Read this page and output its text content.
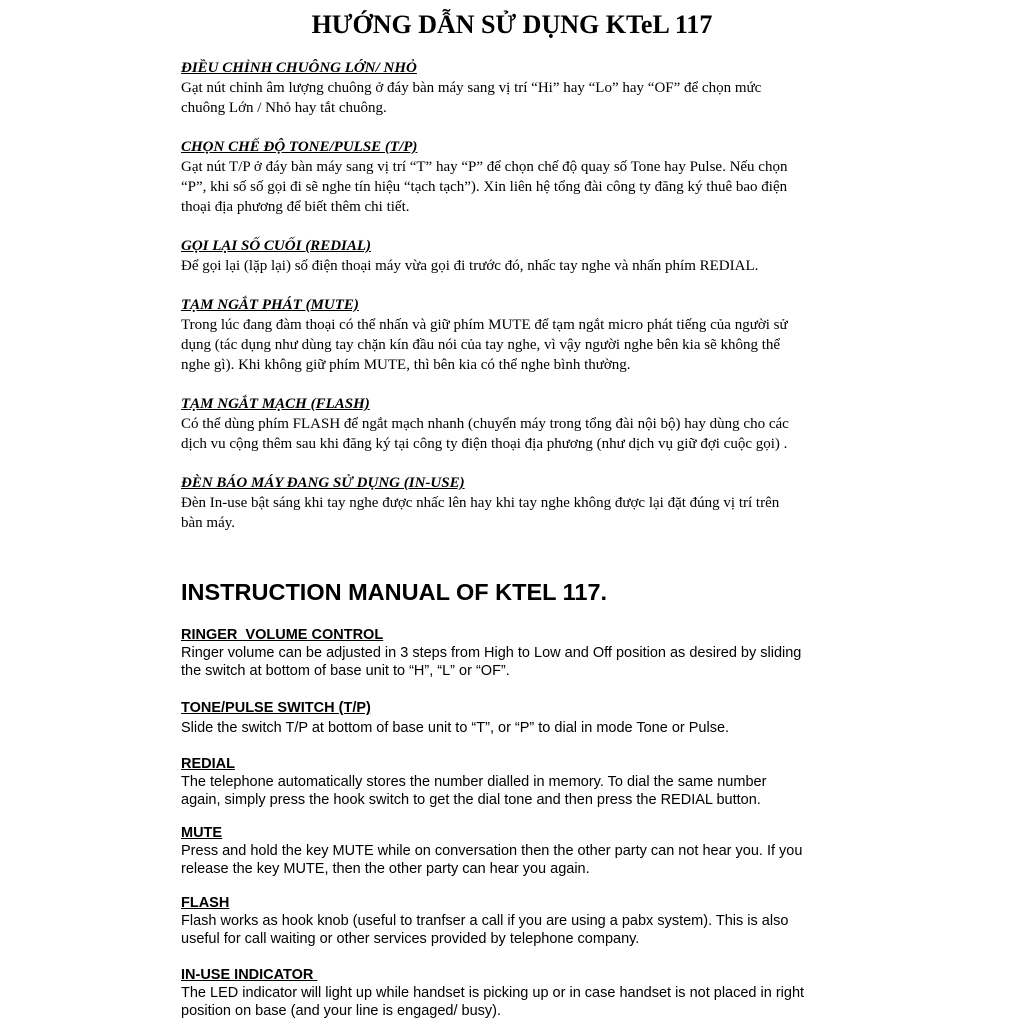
HƯỚNG DẪN SỬ DỤNG KTeL 117
ĐIỀU CHỈNH CHUÔNG LỚN/ NHỎ
Gạt nút chỉnh âm lượng chuông ở đáy bàn máy sang vị trí “Hi” hay “Lo” hay “OF” để chọn mức
chuông Lớn / Nhỏ hay tắt chuông.
CHỌN CHẾ ĐỘ TONE/PULSE (T/P)
Gạt nút T/P ở đáy bàn máy sang vị trí “T” hay “P” để chọn chế độ quay số Tone hay Pulse. Nếu chọn
“P”, khi số số gọi đi sẽ nghe tín hiệu “tạch tạch”). Xin liên hệ tổng đài công ty đăng ký thuê bao điện
thoại địa phương để biết thêm chi tiết.
GỌI LẠI SỐ CUỐI (REDIAL)
Để gọi lại (lặp lại) số điện thoại máy vừa gọi đi trước đó, nhấc tay nghe và nhấn phím REDIAL.
TẠM NGẮT PHÁT (MUTE)
Trong lúc đang đàm thoại có thể nhấn và giữ phím MUTE để tạm ngắt micro phát tiếng của người sử
dụng (tác dụng như dùng tay chặn kín đầu nói của tay nghe, vì vậy người nghe bên kia sẽ không thể
nghe gì). Khi không giữ phím MUTE, thì bên kia có thể nghe bình thường.
TẠM NGẮT MẠCH (FLASH)
Có thể dùng phím FLASH để ngắt mạch nhanh (chuyển máy trong tổng đài nội bộ) hay dùng cho các
dịch vu cộng thêm sau khi đăng ký tại công ty điện thoại địa phương (như dịch vụ giữ đợi cuộc gọi) .
ĐÈN BÁO MÁY ĐANG SỬ DỤNG (IN-USE)
Đèn In-use bật sáng khi tay nghe được nhấc lên hay khi tay nghe không được lại đặt đúng vị trí trên
bàn máy.
INSTRUCTION MANUAL OF KTEL 117.
RINGER  VOLUME CONTROL
Ringer volume can be adjusted in 3 steps from High to Low and Off position as desired by sliding
the switch at bottom of base unit to “H”, “L” or “OF”.
TONE/PULSE SWITCH (T/P)
Slide the switch T/P at bottom of base unit to “T”, or “P” to dial in mode Tone or Pulse.
REDIAL
The telephone automatically stores the number dialled in memory. To dial the same number
again, simply press the hook switch to get the dial tone and then press the REDIAL button.
MUTE
Press and hold the key MUTE while on conversation then the other party can not hear you. If you
release the key MUTE, then the other party can hear you again.
FLASH
Flash works as hook knob (useful to tranfser a call if you are using a pabx system). This is also
useful for call waiting or other services provided by telephone company.
IN-USE INDICATOR
The LED indicator will light up while handset is picking up or in case handset is not placed in right
position on base (and your line is engaged/ busy).
